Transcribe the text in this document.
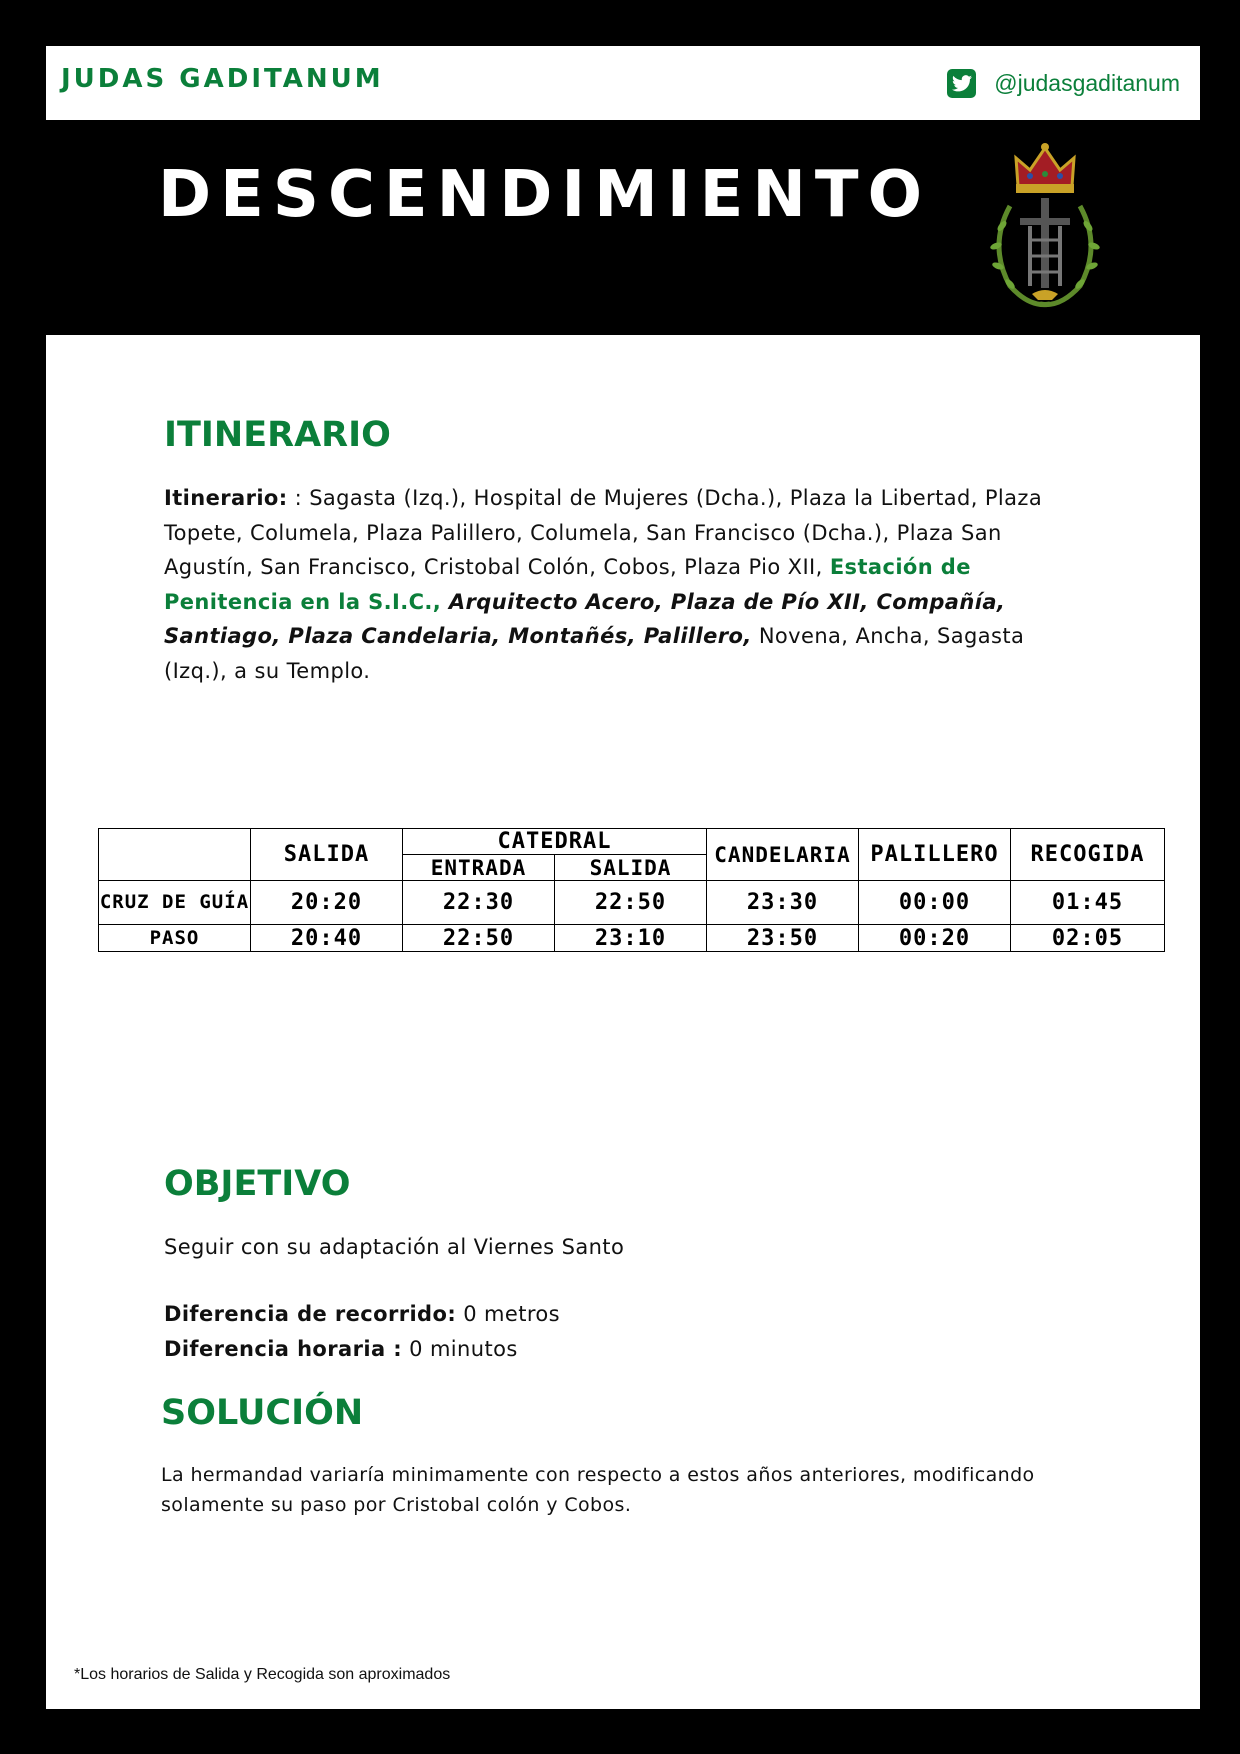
JUDAS GADITANUM	@judasgaditanum
DESCENDIMIENTO
ITINERARIO

Itinerario: : Sagasta (Izq.), Hospital de Mujeres (Dcha.), Plaza la Libertad, Plaza Topete, Columela, Plaza Palillero, Columela, San Francisco (Dcha.), Plaza San Agustín, San Francisco, Cristobal Colón, Cobos, Plaza Pio XII, Estación de Penitencia en la S.I.C., Arquitecto Acero, Plaza de Pío XII, Compañía, Santiago, Plaza Candelaria, Montañés, Palillero, Novena, Ancha, Sagasta (Izq.), a su Templo.

	SALIDA	CATEDRAL		CANDELARIA	PALILLERO	RECOGIDA
		ENTRADA	SALIDA			
CRUZ DE GUÍA	20:20	22:30	22:50	23:30	00:00	01:45
PASO	20:40	22:50	23:10	23:50	00:20	02:05
OBJETIVO

Seguir con su adaptación al Viernes Santo

Diferencia de recorrido: 0 metros
Diferencia horaria : 0 minutos
SOLUCIÓN

La hermandad variaría minimamente con respecto a estos años anteriores, modificando solamente su paso por Cristobal colón y Cobos.

*Los horarios de Salida y Recogida son aproximados
